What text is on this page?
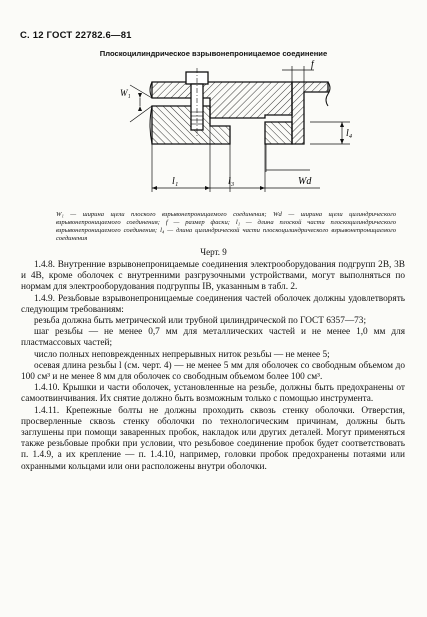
С. 12 ГОСТ 22782.6—81
Плоскоцилиндрическое взрывонепроницаемое соединение
f
W₁
l₁	l₃
l₄
Wd
W₁ — ширина щели плоского взрывонепроницаемого соединения; Wd — ширина щели цилиндрического взрывонепроницаемого соединения; f — размер фаски; l₁ — длина плоской части плоскоцилиндрического взрывонепроницаемого соединения; l₄ — длина цилиндрической части плоскоцилиндрического взрывонепроницаемого соединения
Черт. 9

1.4.8. Внутренние взрывонепроницаемые соединения электрооборудования подгрупп 2В, 3В и 4В, кроме оболочек с внутренними разгрузочными устройствами, могут выполняться по нормам для электрооборудования подгруппы IВ, указанным в табл. 2.

1.4.9. Резьбовые взрывонепроницаемые соединения частей оболочек должны удовлетворять следующим требованиям:

резьба должна быть метрической или трубной цилиндрической по ГОСТ 6357—73;

шаг резьбы — не менее 0,7 мм для металлических частей и не менее 1,0 мм для пластмассовых частей;

число полных неповрежденных непрерывных ниток резьбы — не менее 5;

осевая длина резьбы l (см. черт. 4) — не менее 5 мм для оболочек со свободным объемом до 100 см³ и не менее 8 мм для оболочек со свободным объемом более 100 см³.

1.4.10. Крышки и части оболочек, установленные на резьбе, должны быть предохранены от самоотвинчивания. Их снятие должно быть возможным только с помощью инструмента.

1.4.11. Крепежные болты не должны проходить сквозь стенку оболочки. Отверстия, просверленные сквозь стенку оболочки по технологическим причинам, должны быть заглушены при помощи заваренных пробок, накладок или других деталей. Могут применяться также резьбовые пробки при условии, что резьбовое соединение пробок будет соответствовать п. 1.4.9, а их крепление — п. 1.4.10, например, головки пробок предохранены потаями или охранными кольцами или они расположены внутри оболочки.
